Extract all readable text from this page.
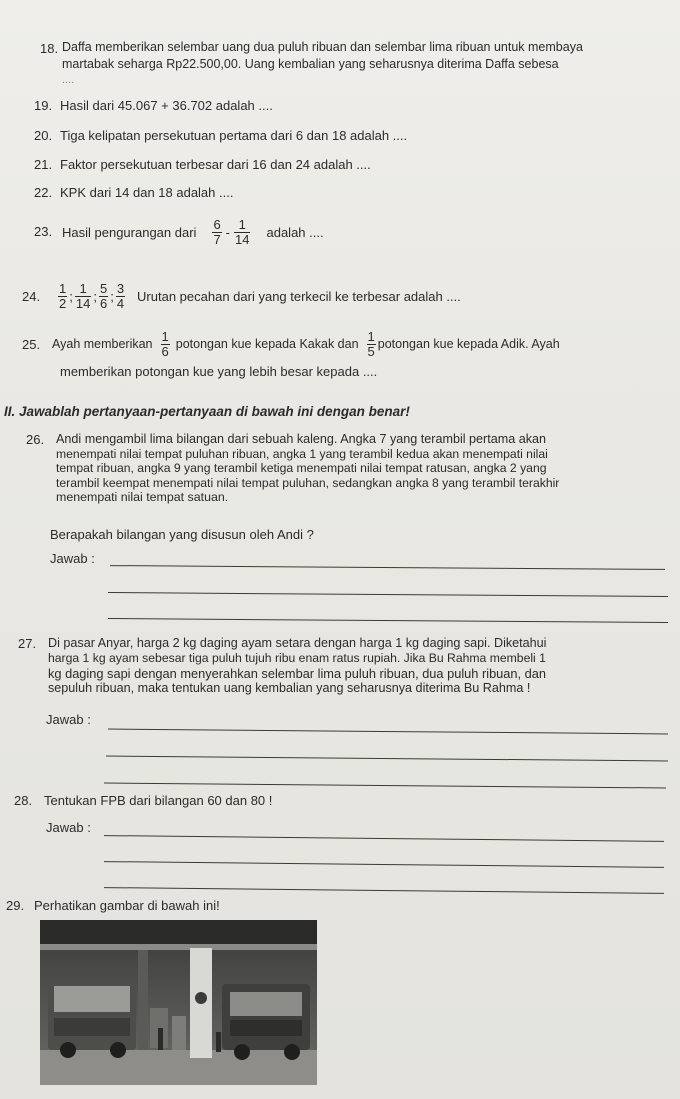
18. Daffa memberikan selembar uang dua puluh ribuan dan selembar lima ribuan untuk membaya
martabak seharga Rp22.500,00. Uang kembalian yang seharusnya diterima Daffa sebesa
....
19. Hasil dari 45.067 + 36.702 adalah ....
20. Tiga kelipatan persekutuan pertama dari 6 dan 18 adalah ....
21. Faktor persekutuan terbesar dari 16 dan 24 adalah ....
22. KPK dari 14 dan 18 adalah ....
23. Hasil pengurangan dari $\frac{6}{7} - \frac{1}{14}$ adalah ....
24. $\frac{1}{2}$ ; $\frac{1}{14}$ ; $\frac{5}{6}$ ; $\frac{3}{4}$ Urutan pecahan dari yang terkecil ke terbesar adalah ....
25. Ayah memberikan $\frac{1}{6}$ potongan kue kepada Kakak dan $\frac{1}{5}$ potongan kue kepada Adik. Ayah
memberikan potongan kue yang lebih besar kepada ....
II. Jawablah pertanyaan-pertanyaan di bawah ini dengan benar!
26. Andi mengambil lima bilangan dari sebuah kaleng. Angka 7 yang terambil pertama akan
menempati nilai tempat puluhan ribuan, angka 1 yang terambil kedua akan menempati nilai
tempat ribuan, angka 9 yang terambil ketiga menempati nilai tempat ratusan, angka 2 yang
terambil keempat menempati nilai tempat puluhan, sedangkan angka 8 yang terambil terakhir
menempati nilai tempat satuan.
Berapakah bilangan yang disusun oleh Andi ?
Jawab :
27. Di pasar Anyar, harga 2 kg daging ayam setara dengan harga 1 kg daging sapi. Diketahui
harga 1 kg ayam sebesar tiga puluh tujuh ribu enam ratus rupiah. Jika Bu Rahma membeli 1
kg daging sapi dengan menyerahkan selembar lima puluh ribuan, dua puluh ribuan, dan
sepuluh ribuan, maka tentukan uang kembalian yang seharusnya diterima Bu Rahma !
Jawab :
28. Tentukan FPB dari bilangan 60 dan 80 !
Jawab :
29. Perhatikan gambar di bawah ini!
